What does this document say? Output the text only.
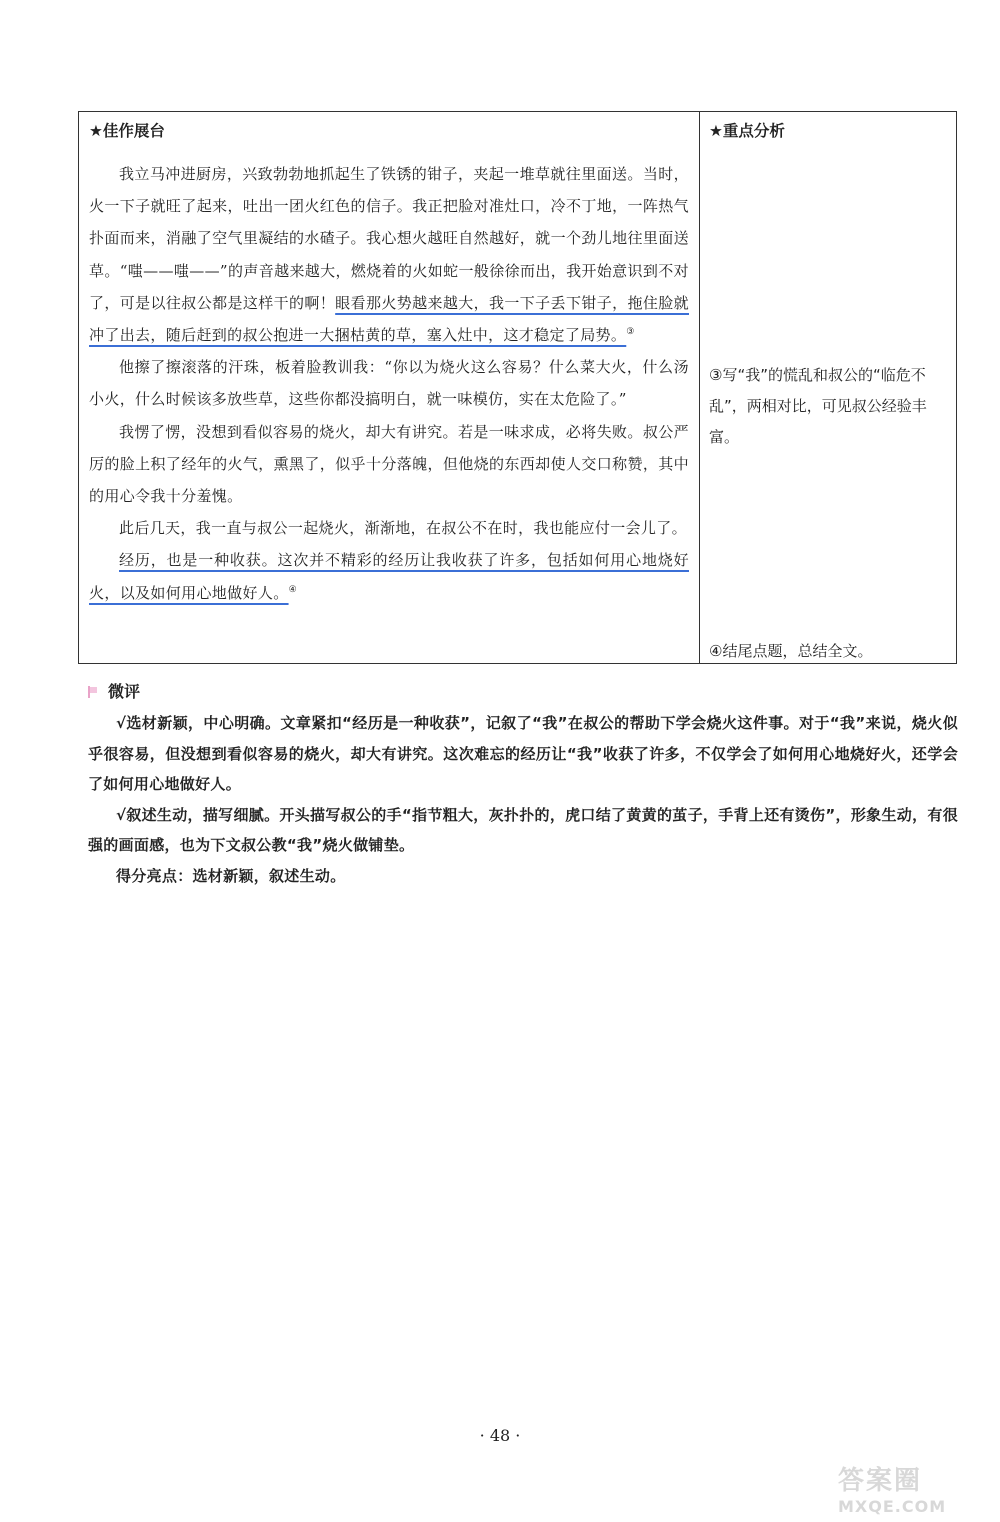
★佳作展台

我立马冲进厨房，兴致勃勃地抓起生了铁锈的钳子，夹起一堆草就往里面送。当时，火一下子就旺了起来，吐出一团火红色的信子。我正把脸对准灶口，冷不丁地，一阵热气扑面而来，消融了空气里凝结的水碴子。我心想火越旺自然越好，就一个劲儿地往里面送草。“嗤——嗤——”的声音越来越大，燃烧着的火如蛇一般徐徐而出，我开始意识到不对了，可是以往叔公都是这样干的啊！眼看那火势越来越大，我一下子丢下钳子，拖住脸就冲了出去，随后赶到的叔公抱进一大捆枯黄的草，塞入灶中，这才稳定了局势。③

他擦了擦滚落的汗珠，板着脸教训我：“你以为烧火这么容易？什么菜大火，什么汤小火，什么时候该多放些草，这些你都没搞明白，就一味模仿，实在太危险了。”

我愣了愣，没想到看似容易的烧火，却大有讲究。若是一味求成，必将失败。叔公严厉的脸上积了经年的火气，熏黑了，似乎十分落魄，但他烧的东西却使人交口称赞，其中的用心令我十分羞愧。

此后几天，我一直与叔公一起烧火，渐渐地，在叔公不在时，我也能应付一会儿了。

经历，也是一种收获。这次并不精彩的经历让我收获了许多，包括如何用心地烧好火，以及如何用心地做好人。④

★重点分析
③写“我”的慌乱和叔公的“临危不乱”，两相对比，可见叔公经验丰富。
④结尾点题，总结全文。
微评

√选材新颖，中心明确。文章紧扣“经历是一种收获”，记叙了“我”在叔公的帮助下学会烧火这件事。对于“我”来说，烧火似乎很容易，但没想到看似容易的烧火，却大有讲究。这次难忘的经历让“我”收获了许多，不仅学会了如何用心地烧好火，还学会了如何用心地做好人。

√叙述生动，描写细腻。开头描写叔公的手“指节粗大，灰扑扑的，虎口结了黄黄的茧子，手背上还有烫伤”，形象生动，有很强的画面感，也为下文叔公教“我”烧火做铺垫。

得分亮点：选材新颖，叙述生动。

· 48 ·
答案圈
MXQE.COM
